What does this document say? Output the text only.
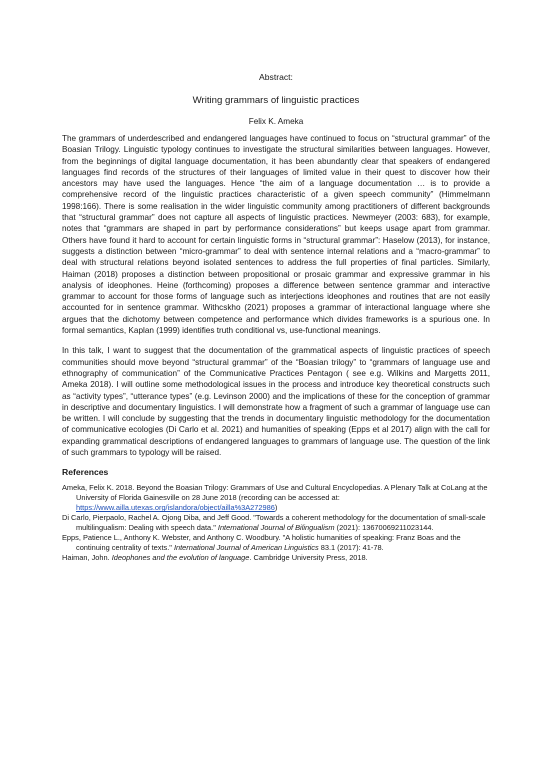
Abstract:

Writing grammars of linguistic practices

Felix K. Ameka

The grammars of underdescribed and endangered languages have continued to focus on “structural grammar” of the Boasian Trilogy. Linguistic typology continues to investigate the structural similarities between languages. However, from the beginnings of digital language documentation, it has been abundantly clear that speakers of endangered languages find records of the structures of their languages of limited value in their quest to discover how their ancestors may have used the languages. Hence “the aim of a language documentation … is to provide a comprehensive record of the linguistic practices characteristic of a given speech community” (Himmelmann 1998:166). There is some realisation in the wider linguistic community among practitioners of different backgrounds that “structural grammar” does not capture all aspects of linguistic practices. Newmeyer (2003: 683), for example, notes that “grammars are shaped in part by performance considerations” but keeps usage apart from grammar. Others have found it hard to account for certain linguistic forms in “structural grammar”: Haselow (2013), for instance, suggests a distinction between “micro-grammar” to deal with sentence internal relations and a “macro-grammar” to deal with structural relations beyond isolated sentences to address the full properties of final particles. Similarly, Haiman (2018) proposes a distinction between propositional or prosaic grammar and expressive grammar in his analysis of ideophones. Heine (forthcoming) proposes a difference between sentence grammar and interactive grammar to account for those forms of language such as interjections ideophones and routines that are not easily accounted for in sentence grammar. Withcskho (2021) proposes a grammar of interactional language where she argues that the dichotomy between competence and performance which divides frameworks is a spurious one. In formal semantics, Kaplan (1999) identifies truth conditional vs, use-functional meanings.

In this talk, I want to suggest that the documentation of the grammatical aspects of linguistic practices of speech communities should move beyond “structural grammar” of the “Boasian trilogy” to “grammars of language use and ethnography of communication” of the Communicative Practices Pentagon ( see e.g. Wilkins and Margetts 2011, Ameka 2018). I will outline some methodological issues in the process and introduce key theoretical constructs such as “activity types”, “utterance types” (e.g. Levinson 2000) and the implications of these for the conception of grammar in descriptive and documentary linguistics. I will demonstrate how a fragment of such a grammar of language use can be written. I will conclude by suggesting that the trends in documentary linguistic methodology for the documentation of communicative ecologies (Di Carlo et al. 2021) and humanities of speaking (Epps et al 2017) align with the call for expanding grammatical descriptions of endangered languages to grammars of language use. The question of the link of such grammars to typology will be raised.

References

Ameka, Felix K. 2018. Beyond the Boasian Trilogy: Grammars of Use and Cultural Encyclopedias. A Plenary Talk at CoLang at the University of Florida Gainesville on 28 June 2018 (recording can be accessed at: https://www.ailla.utexas.org/islandora/object/ailla%3A272986)

Di Carlo, Pierpaolo, Rachel A. Ojong Diba, and Jeff Good. "Towards a coherent methodology for the documentation of small-scale multilingualism: Dealing with speech data." International Journal of Bilingualism (2021): 13670069211023144.

Epps, Patience L., Anthony K. Webster, and Anthony C. Woodbury. "A holistic humanities of speaking: Franz Boas and the continuing centrality of texts." International Journal of American Linguistics 83.1 (2017): 41-78.

Haiman, John. Ideophones and the evolution of language. Cambridge University Press, 2018.
